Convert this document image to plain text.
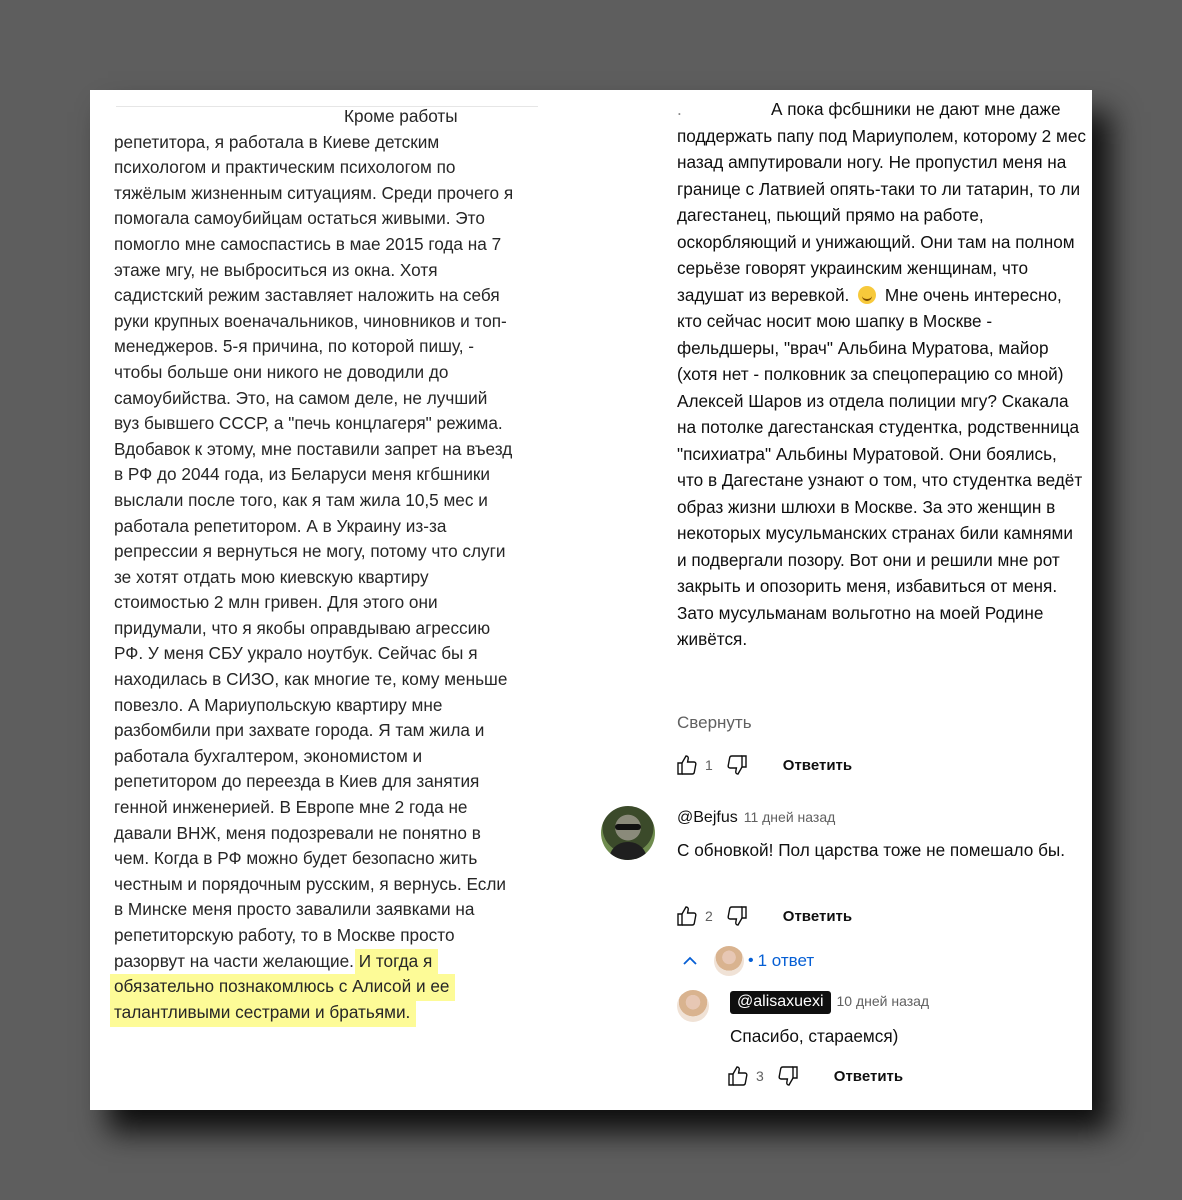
Кроме работы
репетитора, я работала в Киеве детским психологом и практическим психологом по тяжёлым жизненным ситуациям. Среди прочего я помогала самоубийцам остаться живыми. Это помогло мне самоспастись в мае 2015 года на 7 этаже мгу, не выброситься из окна. Хотя садистский режим заставляет наложить на себя руки крупных военачальников, чиновников и топ-менеджеров. 5-я причина, по которой пишу, - чтобы больше они никого не доводили до самоубийства. Это, на самом деле, не лучший вуз бывшего СССР, а "печь концлагеря" режима. Вдобавок к этому, мне поставили запрет на въезд в РФ до 2044 года, из Беларуси меня кгбшники выслали после того, как я там жила 10,5 мес и работала репетитором. А в Украину из-за репрессии я вернуться не могу, потому что слуги зе хотят отдать мою киевскую квартиру стоимостью 2 млн гривен. Для этого они придумали, что я якобы оправдываю агрессию РФ. У меня СБУ украло ноутбук. Сейчас бы я находилась в СИЗО, как многие те, кому меньше повезло. А Мариупольскую квартиру мне разбомбили при захвате города. Я там жила и работала бухгалтером, экономистом и репетитором до переезда в Киев для занятия генной инженерией. В Европе мне 2 года не давали ВНЖ, меня подозревали не понятно в чем. Когда в РФ можно будет безопасно жить честным и порядочным русским, я вернусь. Если в Минске меня просто завалили заявками на репетиторскую работу, то в Москве просто разорвут на части желающие. И тогда я обязательно познакомлюсь с Алисой и ее талантливыми сестрами и братьями.
.	А пока фсбшники не дают мне даже поддержать папу под Мариуполем, которому 2 мес назад ампутировали ногу. Не пропустил меня на границе с Латвией опять-таки то ли татарин, то ли дагестанец, пьющий прямо на работе, оскорбляющий и унижающий. Они там на полном серьёзе говорят украинским женщинам, что задушат из веревкой. Мне очень интересно, кто сейчас носит мою шапку в Москве - фельдшеры, "врач" Альбина Муратова, майор (хотя нет - полковник за спецоперацию со мной) Алексей Шаров из отдела полиции мгу? Скакала на потолке дагестанская студентка, родственница "психиатра" Альбины Муратовой. Они боялись, что в Дагестане узнают о том, что студентка ведёт образ жизни шлюхи в Москве. За это женщин в некоторых мусульманских странах били камнями и подвергали позору. Вот они и решили мне рот закрыть и опозорить меня, избавиться от меня. Зато мусульманам вольготно на моей Родине живётся.
Свернуть
1	Ответить
@Bejfus 11 дней назад
С обновкой! Пол царства тоже не помешало бы.
2	Ответить
• 1 ответ
@alisaxuexi 10 дней назад
Спасибо, стараемся)
3	Ответить
